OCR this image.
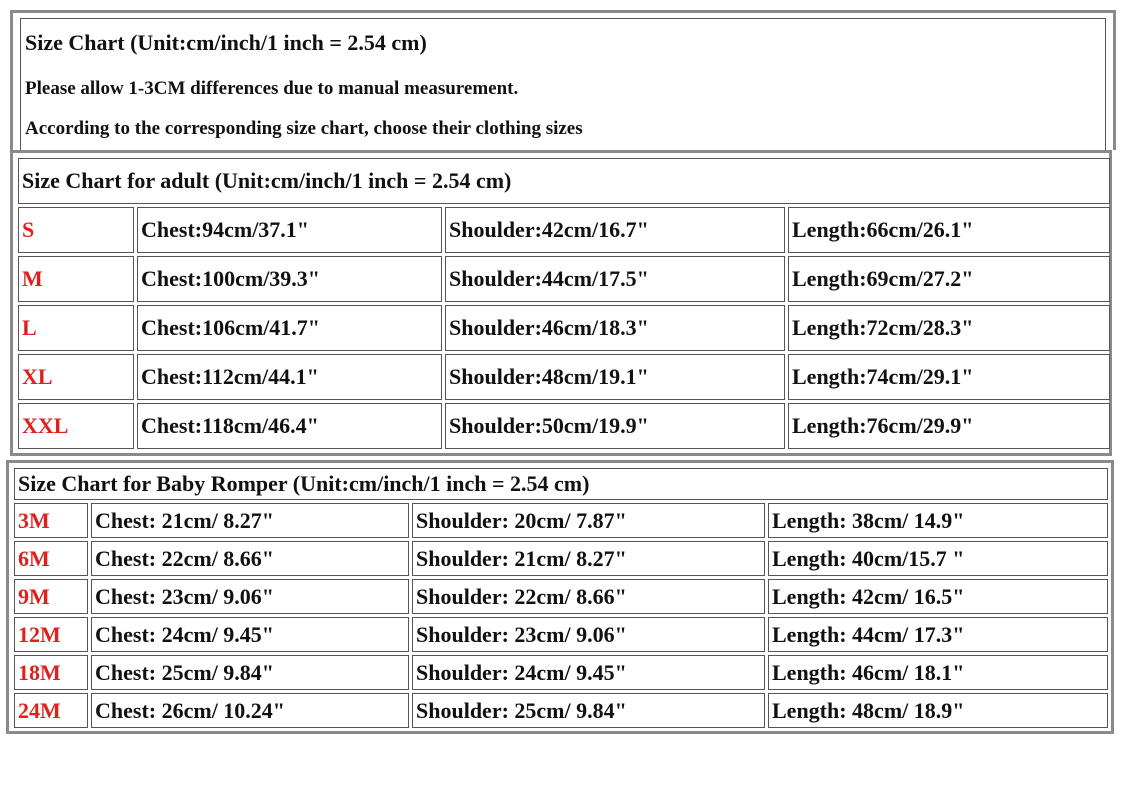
Size Chart (Unit:cm/inch/1 inch = 2.54 cm)
Please allow 1-3CM differences due to manual measurement.
According to the corresponding size chart, choose their clothing sizes
Size Chart for adult (Unit:cm/inch/1 inch = 2.54 cm)			
S	Chest:94cm/37.1"	Shoulder:42cm/16.7"	Length:66cm/26.1"
M	Chest:100cm/39.3"	Shoulder:44cm/17.5"	Length:69cm/27.2"
L	Chest:106cm/41.7"	Shoulder:46cm/18.3"	Length:72cm/28.3"
XL	Chest:112cm/44.1"	Shoulder:48cm/19.1"	Length:74cm/29.1"
XXL	Chest:118cm/46.4"	Shoulder:50cm/19.9"	Length:76cm/29.9"
Size Chart for Baby Romper (Unit:cm/inch/1 inch = 2.54 cm)			
3M	Chest: 21cm/ 8.27"	Shoulder: 20cm/ 7.87"	Length: 38cm/ 14.9"
6M	Chest: 22cm/ 8.66"	Shoulder: 21cm/ 8.27"	Length: 40cm/15.7 "
9M	Chest: 23cm/ 9.06"	Shoulder: 22cm/ 8.66"	Length: 42cm/ 16.5"
12M	Chest: 24cm/ 9.45"	Shoulder: 23cm/ 9.06"	Length: 44cm/ 17.3"
18M	Chest: 25cm/ 9.84"	Shoulder: 24cm/ 9.45"	Length: 46cm/ 18.1"
24M	Chest: 26cm/ 10.24"	Shoulder: 25cm/ 9.84"	Length: 48cm/ 18.9"
